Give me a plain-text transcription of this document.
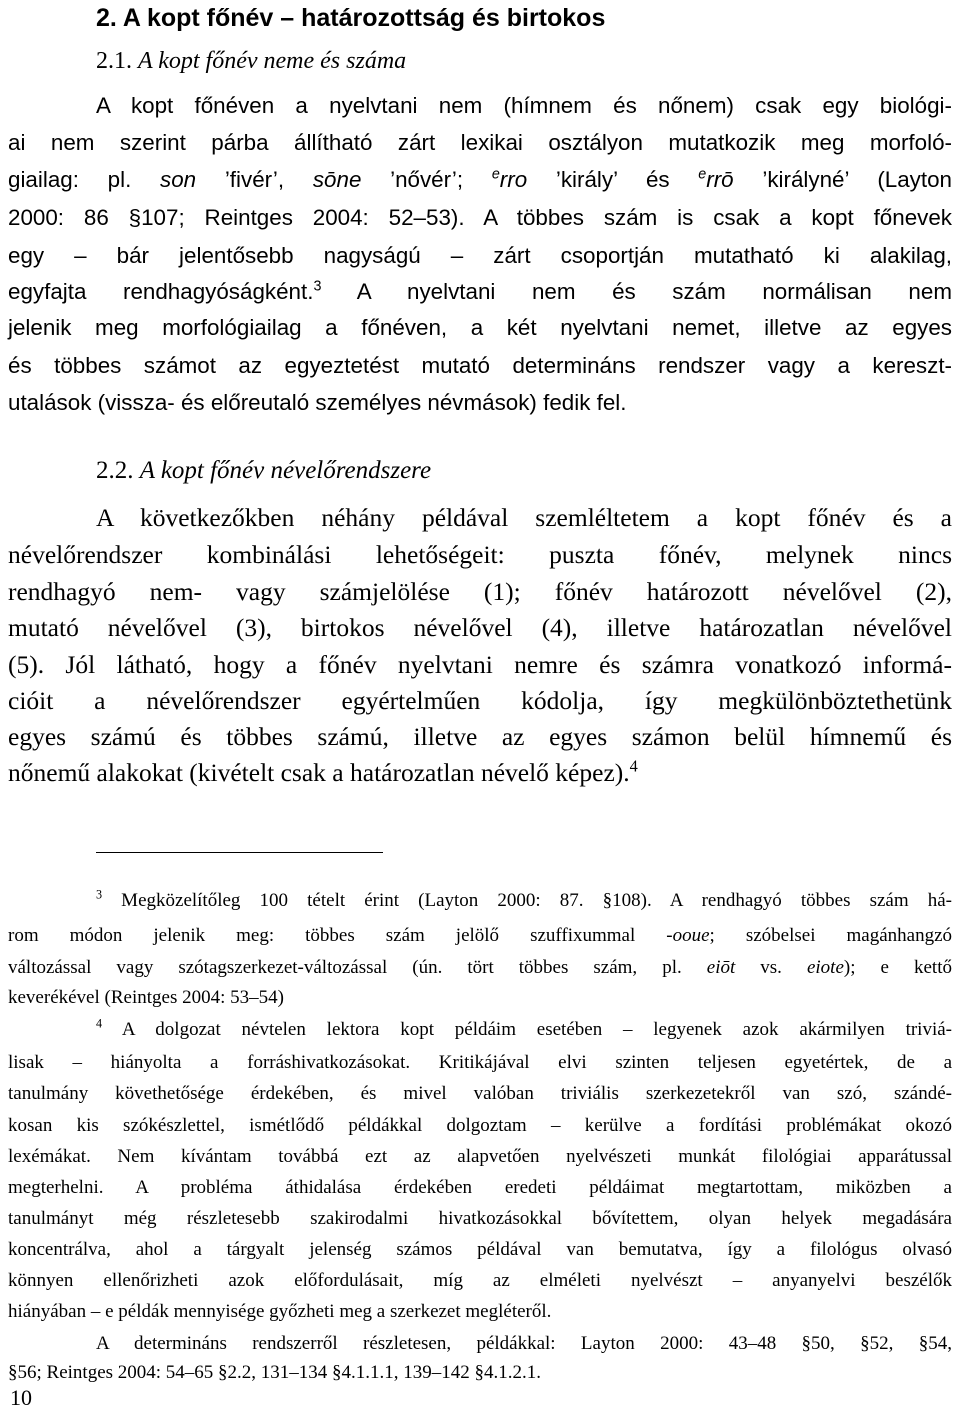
2. A kopt főnév – határozottság és birtokos
2.1. A kopt főnév neme és száma
A kopt főnéven a nyelvtani nem (hímnem és nőnem) csak egy biológi-
ai nem szerint párba állítható zárt lexikai osztályon mutatkozik meg morfoló-
giailag: pl. son ’fivér’, sōne ’nővér’; $^e$rro ’király’ és $^e$rrō ’királyné’ (Layton
2000: 86 §107; Reintges 2004: 52–53). A többes szám is csak a kopt főnevek
egy – bár jelentősebb nagyságú – zárt csoportján mutatható ki alakilag,
egyfajta rendhagyóságként.$^3$ A nyelvtani nem és szám normálisan nem
jelenik meg morfológiailag a főnéven, a két nyelvtani nemet, illetve az egyes
és többes számot az egyeztetést mutató determináns rendszer vagy a kereszt-
utalások (vissza- és előreutaló személyes névmások) fedik fel.
2.2. A kopt főnév névelőrendszere
A következőkben néhány példával szemléltetem a kopt főnév és a
névelőrendszer kombinálási lehetőségeit: puszta főnév, melynek nincs
rendhagyó nem- vagy számjelölése (1); főnév határozott névelővel (2),
mutató névelővel (3), birtokos névelővel (4), illetve határozatlan névelővel
(5). Jól látható, hogy a főnév nyelvtani nemre és számra vonatkozó informá-
cióit a névelőrendszer egyértelműen kódolja, így megkülönböztethetünk
egyes számú és többes számú, illetve az egyes számon belül hímnemű és
nőnemű alakokat (kivételt csak a határozatlan névelő képez).$^4$
$^3$ Megközelítőleg 100 tételt érint (Layton 2000: 87. §108). A rendhagyó többes szám há-
rom módon jelenik meg: többes szám jelölő szuffixummal -ooue; szóbelsei magánhangzó
változással vagy szótagszerkezet-változással (ún. tört többes szám, pl. eiōt vs. eiote); e kettő
keverékével (Reintges 2004: 53–54)
$^4$ A dolgozat névtelen lektora kopt példáim esetében – legyenek azok akármilyen triviá-
lisak – hiányolta a forráshivatkozásokat. Kritikájával elvi szinten teljesen egyetértek, de a
tanulmány követhetősége érdekében, és mivel valóban triviális szerkezetekről van szó, szándé-
kosan kis szókészlettel, ismétlődő példákkal dolgoztam – kerülve a fordítási problémákat okozó
lexémákat. Nem kívántam továbbá ezt az alapvetően nyelvészeti munkát filológiai apparátussal
megterhelni. A probléma áthidalása érdekében eredeti példáimat megtartottam, miközben a
tanulmányt még részletesebb szakirodalmi hivatkozásokkal bővítettem, olyan helyek megadására
koncentrálva, ahol a tárgyalt jelenség számos példával van bemutatva, így a filológus olvasó
könnyen ellenőrizheti azok előfordulásait, míg az elméleti nyelvészt – anyanyelvi beszélők
hiányában – e példák mennyisége győzheti meg a szerkezet megléteről.
A determináns rendszerről részletesen, példákkal: Layton 2000: 43–48 §50, §52, §54,
§56; Reintges 2004: 54–65 §2.2, 131–134 §4.1.1.1, 139–142 §4.1.2.1.
10
